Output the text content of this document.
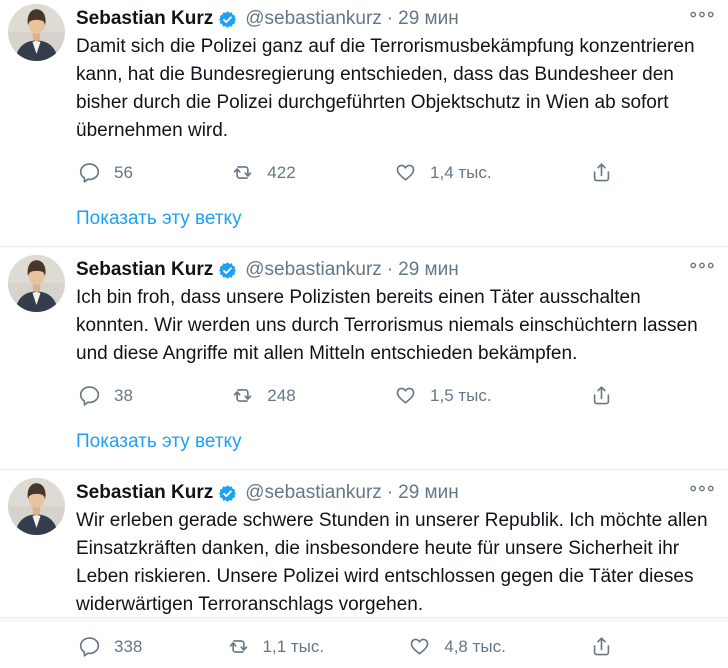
Sebastian Kurz @sebastiankurz · 29 мин
Damit sich die Polizei ganz auf die Terrorismusbekämpfung konzentrieren kann, hat die Bundesregierung entschieden, dass das Bundesheer den bisher durch die Polizei durchgeführten Objektschutz in Wien ab sofort übernehmen wird.
56	422	1,4 тыс.
Показать эту ветку
Sebastian Kurz @sebastiankurz · 29 мин
Ich bin froh, dass unsere Polizisten bereits einen Täter ausschalten konnten. Wir werden uns durch Terrorismus niemals einschüchtern lassen und diese Angriffe mit allen Mitteln entschieden bekämpfen.
38	248	1,5 тыс.
Показать эту ветку
Sebastian Kurz @sebastiankurz · 29 мин
Wir erleben gerade schwere Stunden in unserer Republik. Ich möchte allen Einsatzkräften danken, die insbesondere heute für unsere Sicherheit ihr Leben riskieren. Unsere Polizei wird entschlossen gegen die Täter dieses widerwärtigen Terroranschlags vorgehen.
338	1,1 тыс.	4,8 тыс.
